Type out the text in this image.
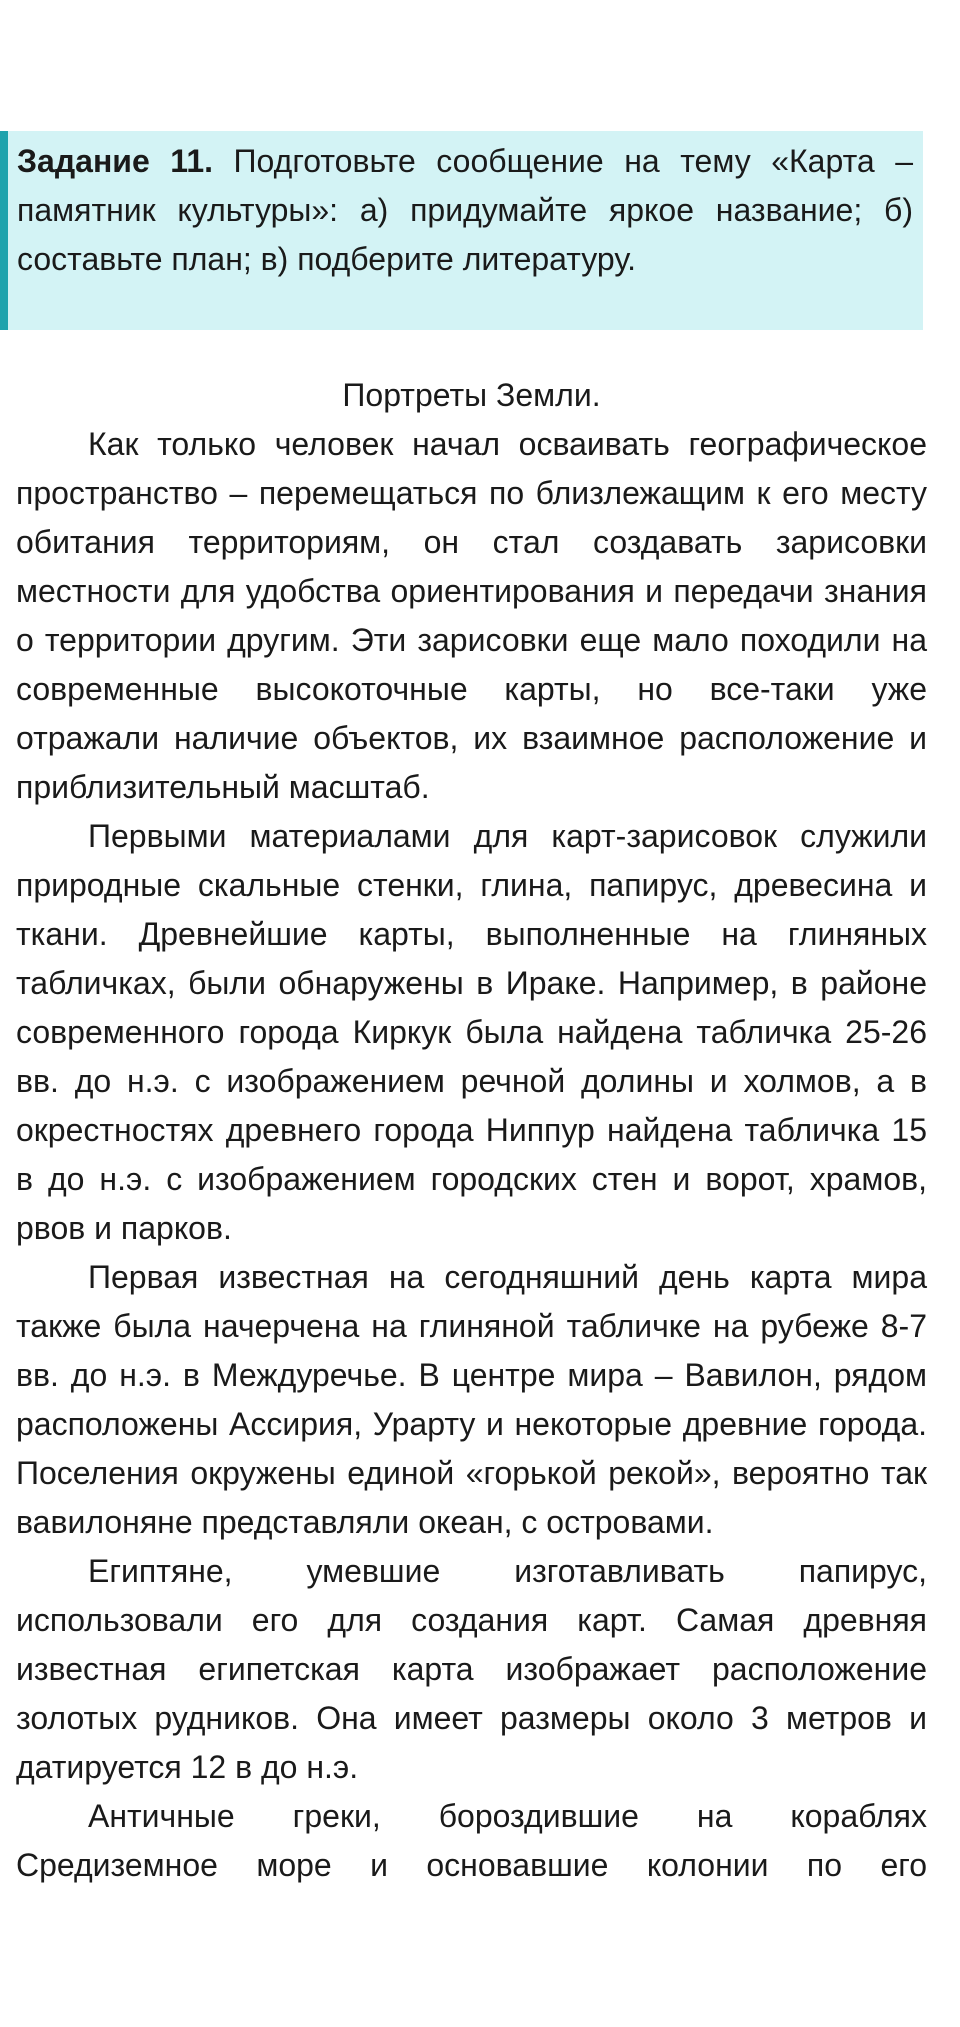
Задание 11. Подготовьте сообщение на тему «Карта – памятник культуры»: а) придумайте яркое название; б) составьте план; в) подберите литературу.

Портреты Земли.

Как только человек начал осваивать географическое пространство – перемещаться по близлежащим к его месту обитания территориям, он стал создавать зарисовки местности для удобства ориентирования и передачи знания о территории другим. Эти зарисовки еще мало походили на современные высокоточные карты, но все-таки уже отражали наличие объектов, их взаимное расположение и приблизительный масштаб.

Первыми материалами для карт-зарисовок служили природные скальные стенки, глина, папирус, древесина и ткани. Древнейшие карты, выполненные на глиняных табличках, были обнаружены в Ираке. Например, в районе современного города Киркук была найдена табличка 25-26 вв. до н.э. с изображением речной долины и холмов, а в окрестностях древнего города Ниппур найдена табличка 15 в до н.э. с изображением городских стен и ворот, храмов, рвов и парков.

Первая известная на сегодняшний день карта мира также была начерчена на глиняной табличке на рубеже 8-7 вв. до н.э. в Междуречье. В центре мира – Вавилон, рядом расположены Ассирия, Урарту и некоторые древние города. Поселения окружены единой «горькой рекой», вероятно так вавилоняне представляли океан, с островами.

Египтяне, умевшие изготавливать папирус, использовали его для создания карт. Самая древняя известная египетская карта изображает расположение золотых рудников. Она имеет размеры около 3 метров и датируется 12 в до н.э.

Античные греки, бороздившие на кораблях Средиземное море и основавшие колонии по его
